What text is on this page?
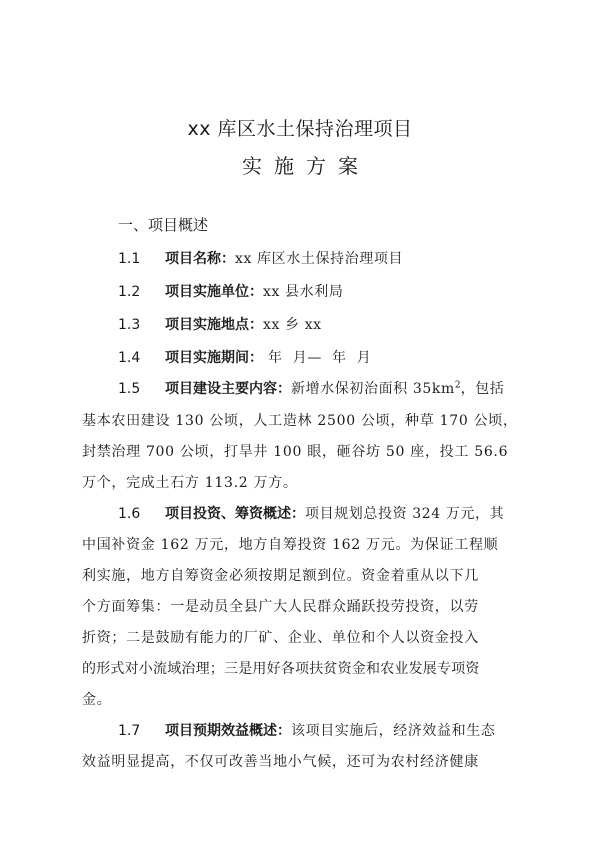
xx 库区水土保持治理项目
实施方案
一、项目概述
1.1 项目名称：xx 库区水土保持治理项目
1.2 项目实施单位：xx 县水利局
1.3 项目实施地点：xx 乡 xx
1.4 项目实施期间： 年  月—  年  月
1.5 项目建设主要内容：新增水保初治面积 $35km^2$，包括
基本农田建设 130 公顷，人工造林 2500 公顷，种草 170 公顷，
封禁治理 700 公顷，打旱井 100 眼，砸谷坊 50 座，投工 56.6
万个，完成土石方 113.2 万方。
1.6 项目投资、筹资概述：项目规划总投资 324 万元，其
中国补资金 162 万元，地方自筹投资 162 万元。为保证工程顺
利实施，地方自筹资金必须按期足额到位。资金着重从以下几
个方面筹集：一是动员全县广大人民群众踊跃投劳投资，以劳
折资；二是鼓励有能力的厂矿、企业、单位和个人以资金投入
的形式对小流域治理；三是用好各项扶贫资金和农业发展专项资
金。
1.7 项目预期效益概述：该项目实施后，经济效益和生态
效益明显提高，不仅可改善当地小气候，还可为农村经济健康
